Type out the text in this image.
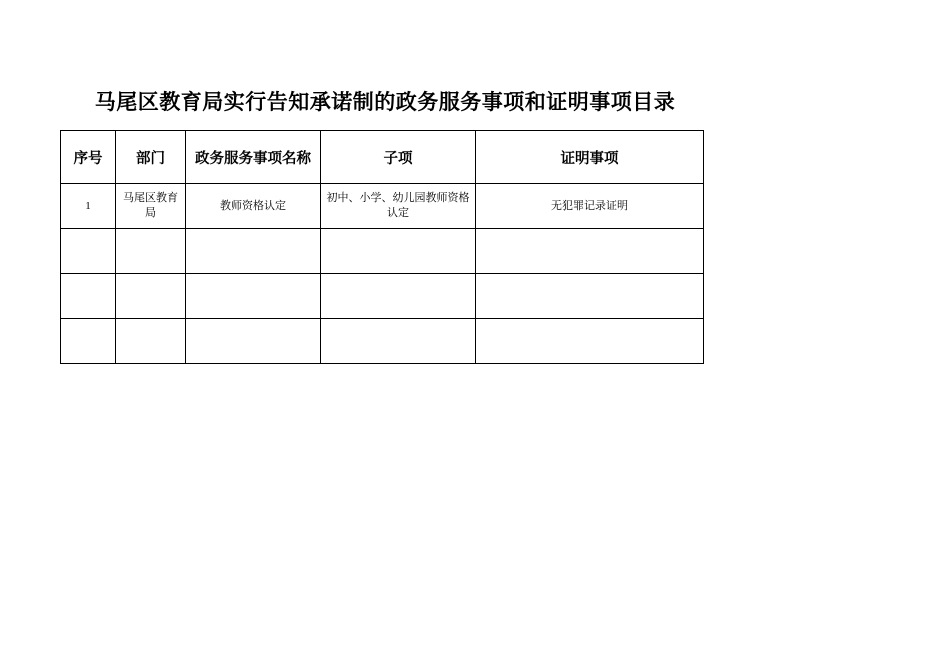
马尾区教育局实行告知承诺制的政务服务事项和证明事项目录
序号	部门	政务服务事项名称	子项	证明事项
1	马尾区教育局	教师资格认定	初中、小学、幼儿园教师资格认定	无犯罪记录证明
